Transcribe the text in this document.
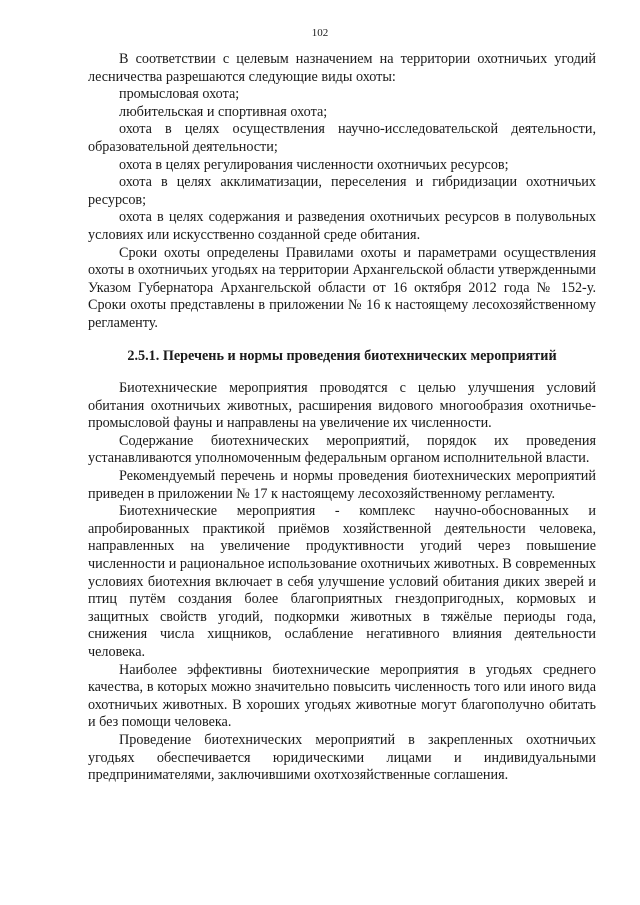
102

В соответствии с целевым назначением на территории охотничьих угодий лесничества разрешаются следующие виды охоты:

промысловая охота;

любительская и спортивная охота;

охота в целях осуществления научно-исследовательской деятельности, образовательной деятельности;

охота в целях регулирования численности охотничьих ресурсов;

охота в целях акклиматизации, переселения и гибридизации охотничьих ресурсов;

охота в целях содержания и разведения охотничьих ресурсов в полувольных условиях или искусственно созданной среде обитания.

Сроки охоты определены Правилами охоты и параметрами осуществления охоты в охотничьих угодьях на территории Архангельской области утвержденными Указом Губернатора Архангельской области от 16 октября 2012 года № 152-у. Сроки охоты представлены в приложении № 16 к настоящему лесохозяйственному регламенту.

2.5.1. Перечень и нормы проведения биотехнических мероприятий

Биотехнические мероприятия проводятся с целью улучшения условий обитания охотничьих животных, расширения видового многообразия охотничье-промысловой фауны и направлены на увеличение их численности.

Содержание биотехнических мероприятий, порядок их проведения устанавливаются уполномоченным федеральным органом исполнительной власти.

Рекомендуемый перечень и нормы проведения биотехнических мероприятий приведен в приложении № 17 к настоящему лесохозяйственному регламенту.

Биотехнические мероприятия - комплекс научно-обоснованных и апробированных практикой приёмов хозяйственной деятельности человека, направленных на увеличение продуктивности угодий через повышение численности и рациональное использование охотничьих животных. В современных условиях биотехния включает в себя улучшение условий обитания диких зверей и птиц путём создания более благоприятных гнездопригодных, кормовых и защитных свойств угодий, подкормки животных в тяжёлые периоды года, снижения числа хищников, ослабление негативного влияния деятельности человека.

Наиболее эффективны биотехнические мероприятия в угодьях среднего качества, в которых можно значительно повысить численность того или иного вида охотничьих животных. В хороших угодьях животные могут благополучно обитать и без помощи человека.

Проведение биотехнических мероприятий в закрепленных охотничьих угодьях обеспечивается юридическими лицами и индивидуальными предпринимателями, заключившими охотхозяйственные соглашения.
